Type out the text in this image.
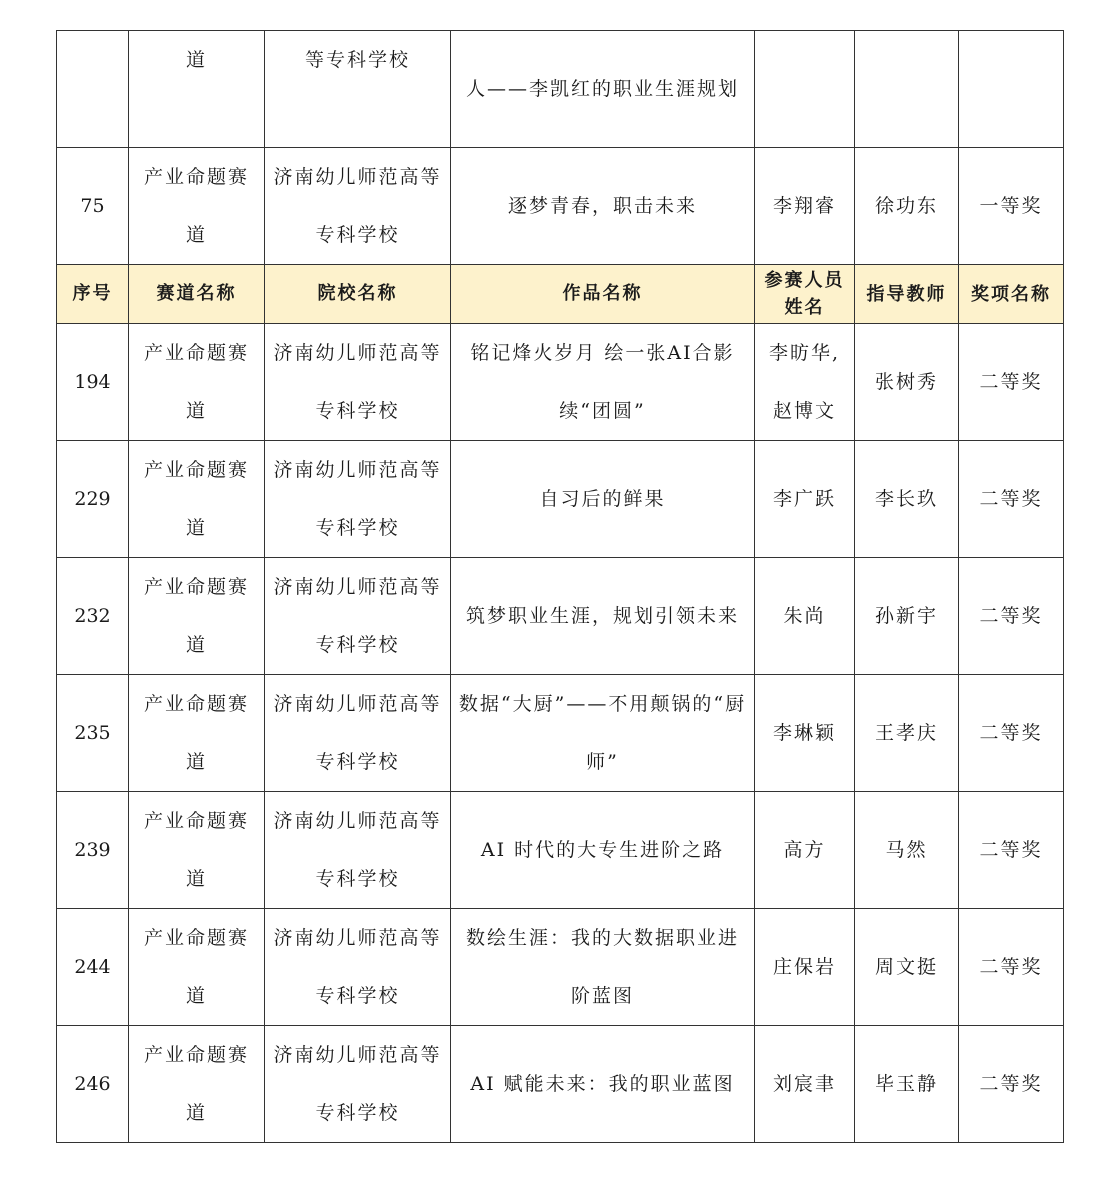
	道	等专科学校	人——李凯红的职业生涯规划			
75	产业命题赛道	济南幼儿师范高等专科学校	逐梦青春，职击未来	李翔睿	徐功东	一等奖
序号	赛道名称	院校名称	作品名称	参赛人员姓名	指导教师	奖项名称
194	产业命题赛道	济南幼儿师范高等专科学校	铭记烽火岁月 绘一张AI合影续“团圆”	李昉华,赵博文	张树秀	二等奖
229	产业命题赛道	济南幼儿师范高等专科学校	自习后的鲜果	李广跃	李长玖	二等奖
232	产业命题赛道	济南幼儿师范高等专科学校	筑梦职业生涯，规划引领未来	朱尚	孙新宇	二等奖
235	产业命题赛道	济南幼儿师范高等专科学校	数据“大厨”——不用颠锅的“厨师”	李琳颖	王孝庆	二等奖
239	产业命题赛道	济南幼儿师范高等专科学校	AI 时代的大专生进阶之路	高方	马然	二等奖
244	产业命题赛道	济南幼儿师范高等专科学校	数绘生涯：我的大数据职业进阶蓝图	庄保岩	周文挺	二等奖
246	产业命题赛道	济南幼儿师范高等专科学校	AI 赋能未来：我的职业蓝图	刘宸聿	毕玉静	二等奖
